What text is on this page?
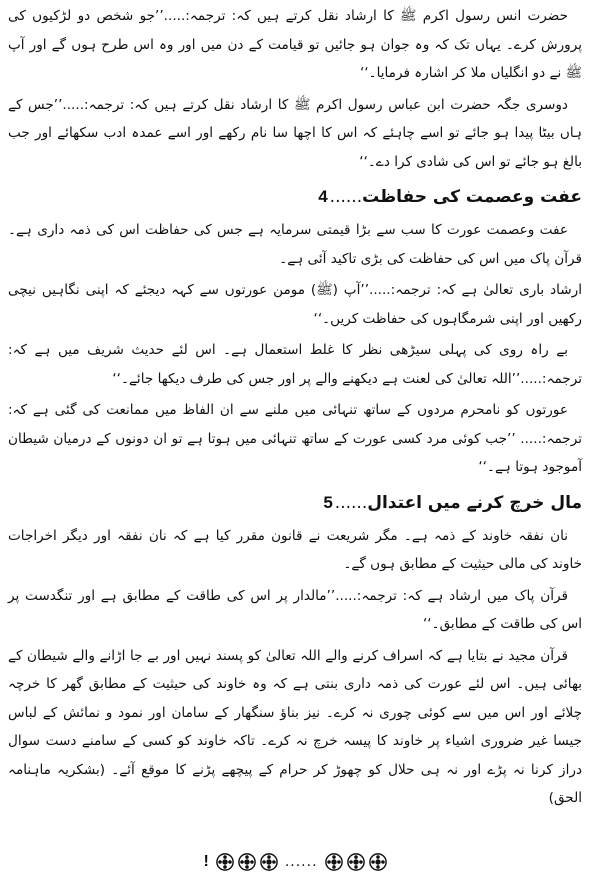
حضرت انس رسول اکرم ﷺ کا ارشاد نقل کرتے ہیں کہ: ترجمہ:.....’’جو شخص دو لڑکیوں کی پرورش کرے۔ یہاں تک کہ وہ جوان ہو جائیں تو قیامت کے دن میں اور وہ اس طرح ہوں گے اور آپ ﷺ نے دو انگلیاں ملا کر اشارہ فرمایا۔‘‘

دوسری جگہ حضرت ابن عباس رسول اکرم ﷺ کا ارشاد نقل کرتے ہیں کہ: ترجمہ:.....’’جس کے ہاں بیٹا پیدا ہو جائے تو اسے چاہئے کہ اس کا اچھا سا نام رکھے اور اسے عمدہ ادب سکھائے اور جب بالغ ہو جائے تو اس کی شادی کرا دے۔‘‘

عفت وعصمت کی حفاظت
......
4

عفت وعصمت عورت کا سب سے بڑا قیمتی سرمایہ ہے جس کی حفاظت اس کی ذمہ داری ہے۔ قرآن پاک میں اس کی حفاظت کی بڑی تاکید آئی ہے۔

ارشاد باری تعالیٰ ہے کہ: ترجمہ:.....’’آپ (ﷺ) مومن عورتوں سے کہہ دیجئے کہ اپنی نگاہیں نیچی رکھیں اور اپنی شرمگاہوں کی حفاظت کریں۔‘‘

بے راہ روی کی پہلی سیڑھی نظر کا غلط استعمال ہے۔ اس لئے حدیث شریف میں ہے کہ: ترجمہ:.....’’اللہ تعالیٰ کی لعنت ہے دیکھنے والے پر اور جس کی طرف دیکھا جائے۔‘‘

عورتوں کو نامحرم مردوں کے ساتھ تنہائی میں ملنے سے ان الفاظ میں ممانعت کی گئی ہے کہ: ترجمہ:..... ’’جب کوئی مرد کسی عورت کے ساتھ تنہائی میں ہوتا ہے تو ان دونوں کے درمیان شیطان آموجود ہوتا ہے۔‘‘

مال خرچ کرنے میں اعتدال
......
5

نان نفقہ خاوند کے ذمہ ہے۔ مگر شریعت نے قانون مقرر کیا ہے کہ نان نفقہ اور دیگر اخراجات خاوند کی مالی حیثیت کے مطابق ہوں گے۔

قرآن پاک میں ارشاد ہے کہ: ترجمہ:.....’’مالدار پر اس کی طاقت کے مطابق ہے اور تنگدست پر اس کی طاقت کے مطابق۔‘‘

قرآن مجید نے بتایا ہے کہ اسراف کرنے والے اللہ تعالیٰ کو پسند نہیں اور بے جا اڑانے والے شیطان کے بھائی ہیں۔ اس لئے عورت کی ذمہ داری بنتی ہے کہ وہ خاوند کی حیثیت کے مطابق گھر کا خرچہ چلائے اور اس میں سے کوئی چوری نہ کرے۔ نیز بناؤ سنگھار کے سامان اور نمود و نمائش کے لباس جیسا غیر ضروری اشیاء پر خاوند کا پیسہ خرچ نہ کرے۔ تاکہ خاوند کو کسی کے سامنے دست سوال دراز کرنا نہ پڑے اور نہ ہی حلال کو چھوڑ کر حرام کے پیچھے پڑنے کا موقع آئے۔ (بشکریہ ماہنامہ الحق)

!	......
